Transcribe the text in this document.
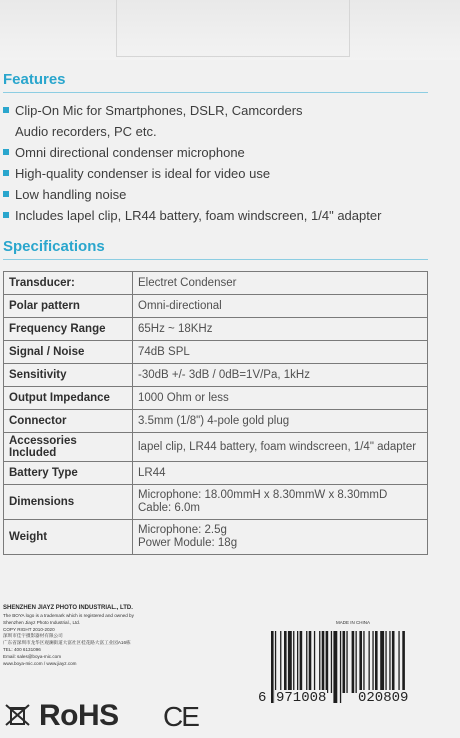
Features
Clip-On Mic for Smartphones, DSLR, Camcorders
Audio recorders, PC etc.
Omni directional condenser microphone
High-quality condenser is ideal for video use
Low handling noise
Includes lapel clip, LR44 battery, foam windscreen, 1/4" adapter
Specifications
Transducer:	Electret Condenser
Polar pattern	Omni-directional
Frequency Range	65Hz ~ 18KHz
Signal / Noise	74dB SPL
Sensitivity	-30dB +/- 3dB / 0dB=1V/Pa, 1kHz
Output Impedance	1000 Ohm or less
Connector	3.5mm (1/8") 4-pole gold plug
Accessories Included	lapel clip, LR44 battery, foam windscreen, 1/4" adapter
Battery Type	LR44
Dimensions	Microphone: 18.00mmH x 8.30mmW x 8.30mmD
Cable: 6.0m
Weight	Microphone: 2.5g
Power Module: 18g
SHENZHEN JIAYZ PHOTO INDUSTRIAL., LTD.
The BOYA logo is a trademark which is registered and owned by
Shenzhen Jiayz Photo Industrial., Ltd.
COPY RIGHT 2010-2020
深圳市佳宇摄影器材有限公司
广东省深圳市龙华区观澜街道大富社区桂花路大富工业园A16栋
TEL: 400 6131096
Email: sales@boya-mic.com
www.boya-mic.com / www.jiayz.com
RoHS CE
MADE IN CHINA
6 971008 020809
